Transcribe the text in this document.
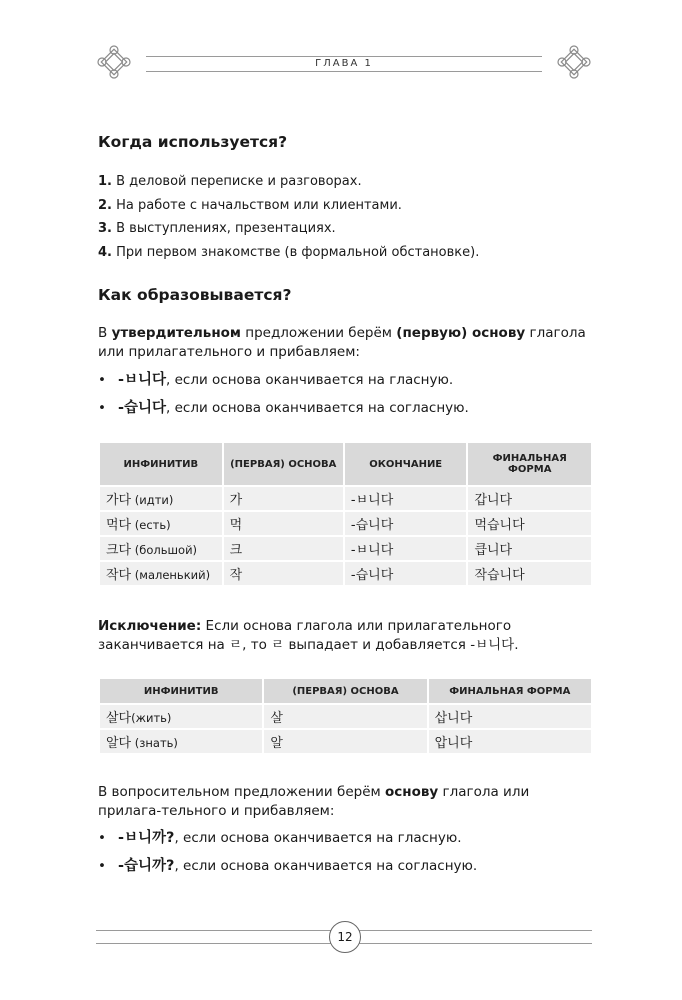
ГЛАВА 1
Когда используется?
1. В деловой переписке и разговорах.
2. На работе с начальством или клиентами.
3. В выступлениях, презентациях.
4. При первом знакомстве (в формальной обстановке).
Как образовывается?

В утвердительном предложении берём (первую) основу глагола или прилагательного и прибавляем:

• -ㅂ니다, если основа оканчивается на гласную.
• -습니다, если основа оканчивается на согласную.
ИНФИНИТИВ	(ПЕРВАЯ) ОСНОВА	ОКОНЧАНИЕ	ФИНАЛЬНАЯ ФОРМА
가다 (идти)	가	-ㅂ니다	갑니다
먹다 (есть)	먹	-습니다	먹습니다
크다 (большой)	크	-ㅂ니다	큽니다
작다 (маленький)	작	-습니다	작습니다

Исключение: Если основа глагола или прилагательного заканчивается на ㄹ, то ㄹ выпадает и добавляется -ㅂ니다.

ИНФИНИТИВ	(ПЕРВАЯ) ОСНОВА	ФИНАЛЬНАЯ ФОРМА
살다(жить)	살	삽니다
알다 (знать)	알	압니다

В вопросительном предложении берём основу глагола или прилага-тельного и прибавляем:

• -ㅂ니까?, если основа оканчивается на гласную.
• -습니까?, если основа оканчивается на согласную.
12
